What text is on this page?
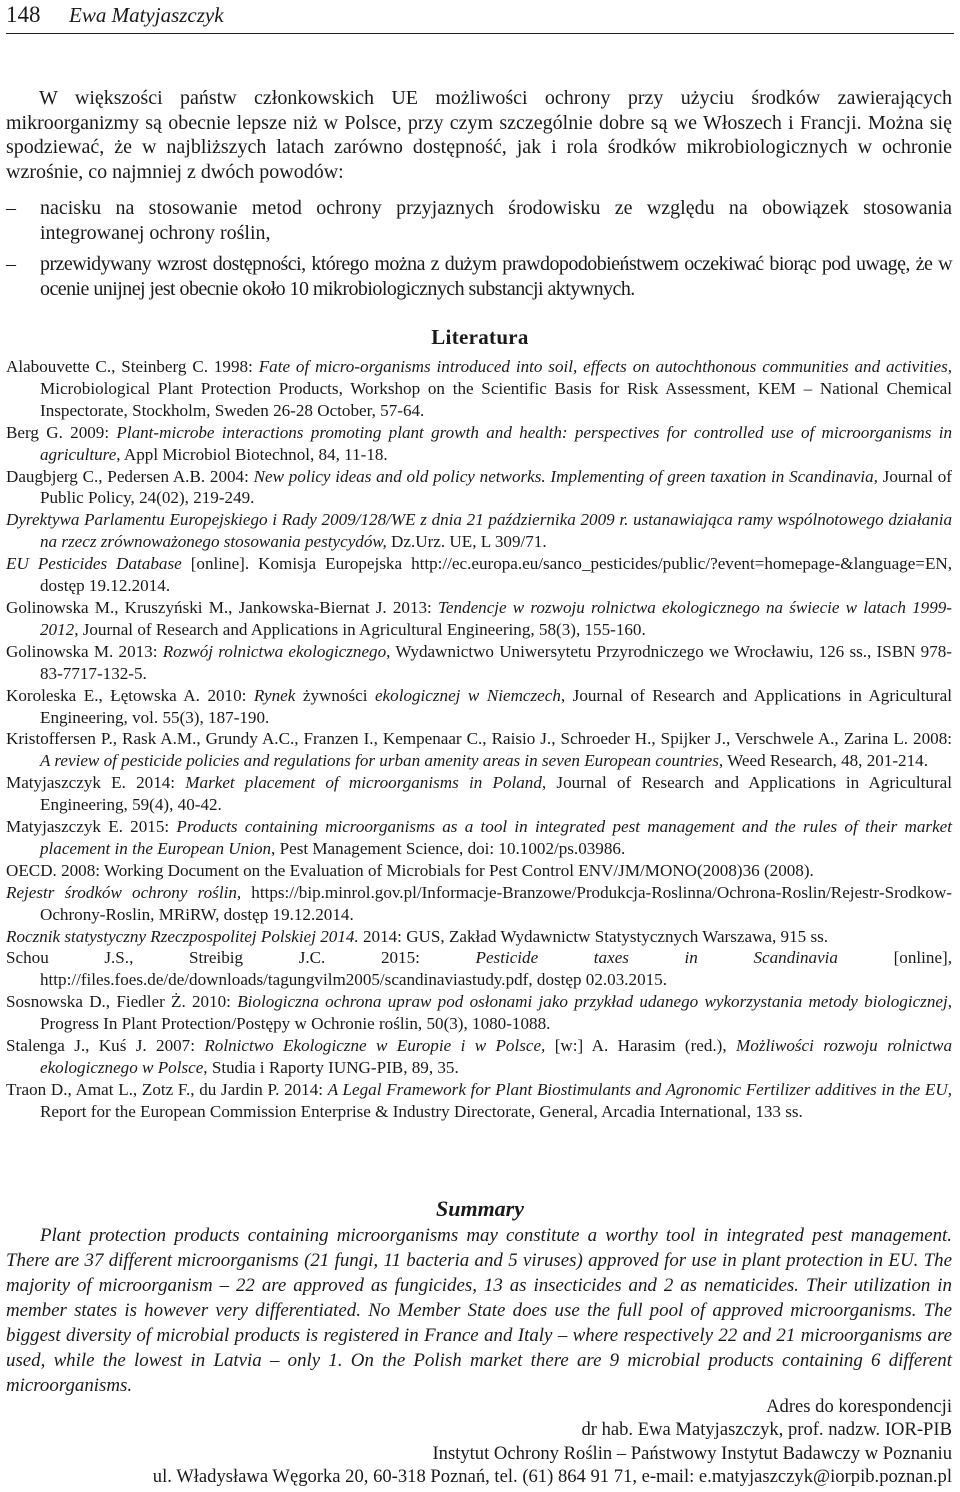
148 Ewa Matyjaszczyk
W większości państw członkowskich UE możliwości ochrony przy użyciu środków zawierających mikroorganizmy są obecnie lepsze niż w Polsce, przy czym szczególnie dobre są we Włoszech i Francji. Można się spodziewać, że w najbliższych latach zarówno dostępność, jak i rola środków mikrobiologicznych w ochronie wzrośnie, co najmniej z dwóch powodów:
– nacisku na stosowanie metod ochrony przyjaznych środowisku ze względu na obowiązek stosowania integrowanej ochrony roślin,
– przewidywany wzrost dostępności, którego można z dużym prawdopodobieństwem oczekiwać biorąc pod uwagę, że w ocenie unijnej jest obecnie około 10 mikrobiologicznych substancji aktywnych.
Literatura
Alabouvette C., Steinberg C. 1998: Fate of micro-organisms introduced into soil, effects on autochthonous communities and activities, Microbiological Plant Protection Products, Workshop on the Scientific Basis for Risk Assessment, KEM – National Chemical Inspectorate, Stockholm, Sweden 26-28 October, 57-64.
Berg G. 2009: Plant-microbe interactions promoting plant growth and health: perspectives for controlled use of microorganisms in agriculture, Appl Microbiol Biotechnol, 84, 11-18.
Daugbjerg C., Pedersen A.B. 2004: New policy ideas and old policy networks. Implementing of green taxation in Scandinavia, Journal of Public Policy, 24(02), 219-249.
Dyrektywa Parlamentu Europejskiego i Rady 2009/128/WE z dnia 21 października 2009 r. ustanawiająca ramy wspólnotowego działania na rzecz zrównoważonego stosowania pestycydów, Dz.Urz. UE, L 309/71.
EU Pesticides Database [online]. Komisja Europejska http://ec.europa.eu/sanco_pesticides/public/?event=homepage-&language=EN, dostęp 19.12.2014.
Golinowska M., Kruszyński M., Jankowska-Biernat J. 2013: Tendencje w rozwoju rolnictwa ekologicznego na świecie w latach 1999-2012, Journal of Research and Applications in Agricultural Engineering, 58(3), 155-160.
Golinowska M. 2013: Rozwój rolnictwa ekologicznego, Wydawnictwo Uniwersytetu Przyrodniczego we Wrocławiu, 126 ss., ISBN 978-83-7717-132-5.
Koroleska E., Łętowska A. 2010: Rynek żywności ekologicznej w Niemczech, Journal of Research and Applications in Agricultural Engineering, vol. 55(3), 187-190.
Kristoffersen P., Rask A.M., Grundy A.C., Franzen I., Kempenaar C., Raisio J., Schroeder H., Spijker J., Verschwele A., Zarina L. 2008: A review of pesticide policies and regulations for urban amenity areas in seven European countries, Weed Research, 48, 201-214.
Matyjaszczyk E. 2014: Market placement of microorganisms in Poland, Journal of Research and Applications in Agricultural Engineering, 59(4), 40-42.
Matyjaszczyk E. 2015: Products containing microorganisms as a tool in integrated pest management and the rules of their market placement in the European Union, Pest Management Science, doi: 10.1002/ps.03986.
OECD. 2008: Working Document on the Evaluation of Microbials for Pest Control ENV/JM/MONO(2008)36 (2008).
Rejestr środków ochrony roślin, https://bip.minrol.gov.pl/Informacje-Branzowe/Produkcja-Roslinna/Ochrona-Roslin/Rejestr-Srodkow-Ochrony-Roslin, MRiRW, dostęp 19.12.2014.
Rocznik statystyczny Rzeczpospolitej Polskiej 2014. 2014: GUS, Zakład Wydawnictw Statystycznych Warszawa, 915 ss.
Schou J.S., Streibig J.C. 2015: Pesticide taxes in Scandinavia [online], http://files.foes.de/de/downloads/tagungvilm2005/scandinaviastudy.pdf, dostęp 02.03.2015.
Sosnowska D., Fiedler Ż. 2010: Biologiczna ochrona upraw pod osłonami jako przykład udanego wykorzystania metody biologicznej, Progress In Plant Protection/Postępy w Ochronie roślin, 50(3), 1080-1088.
Stalenga J., Kuś J. 2007: Rolnictwo Ekologiczne w Europie i w Polsce, [w:] A. Harasim (red.), Możliwości rozwoju rolnictwa ekologicznego w Polsce, Studia i Raporty IUNG-PIB, 89, 35.
Traon D., Amat L., Zotz F., du Jardin P. 2014: A Legal Framework for Plant Biostimulants and Agronomic Fertilizer additives in the EU, Report for the European Commission Enterprise & Industry Directorate, General, Arcadia International, 133 ss.
Summary
Plant protection products containing microorganisms may constitute a worthy tool in integrated pest management. There are 37 different microorganisms (21 fungi, 11 bacteria and 5 viruses) approved for use in plant protection in EU. The majority of microorganism – 22 are approved as fungicides, 13 as insecticides and 2 as nematicides. Their utilization in member states is however very differentiated. No Member State does use the full pool of approved microorganisms. The biggest diversity of microbial products is registered in France and Italy – where respectively 22 and 21 microorganisms are used, while the lowest in Latvia – only 1. On the Polish market there are 9 microbial products containing 6 different microorganisms.
Adres do korespondencji
dr hab. Ewa Matyjaszczyk, prof. nadzw. IOR-PIB
Instytut Ochrony Roślin – Państwowy Instytut Badawczy w Poznaniu
ul. Władysława Węgorka 20, 60-318 Poznań, tel. (61) 864 91 71, e-mail: e.matyjaszczyk@iorpib.poznan.pl
